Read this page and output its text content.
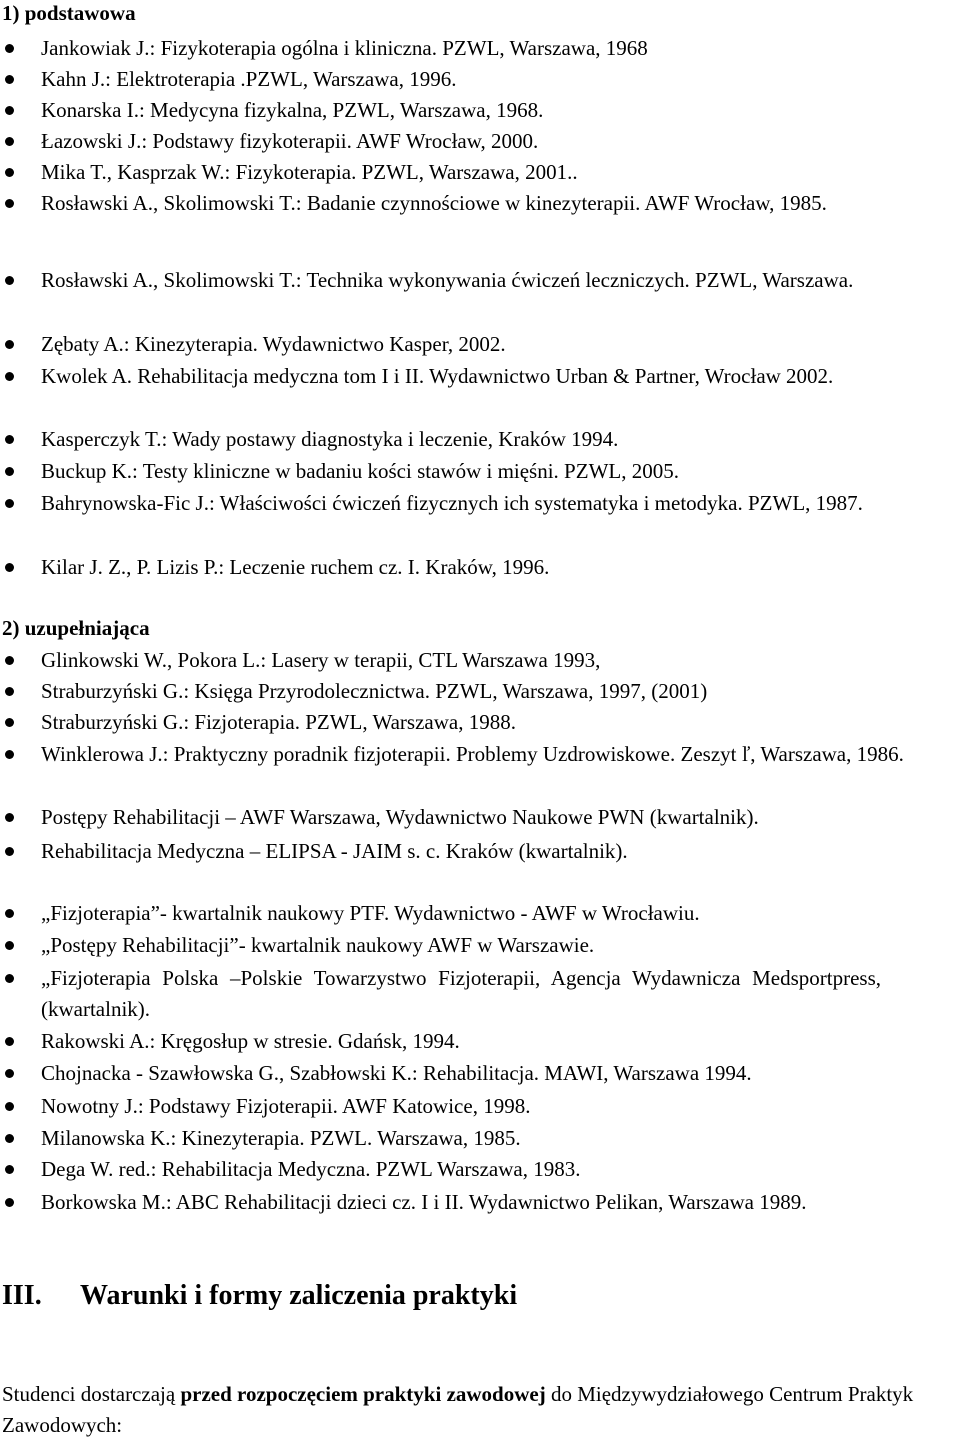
1) podstawowa
Jankowiak J.: Fizykoterapia ogólna i kliniczna. PZWL, Warszawa, 1968
Kahn J.: Elektroterapia .PZWL, Warszawa, 1996.
Konarska I.: Medycyna fizykalna, PZWL, Warszawa, 1968.
Łazowski J.: Podstawy fizykoterapii. AWF Wrocław, 2000.
Mika T., Kasprzak W.: Fizykoterapia. PZWL, Warszawa, 2001..
Rosławski A., Skolimowski T.: Badanie czynnościowe w kinezyterapii. AWF Wrocław, 1985.
Rosławski A., Skolimowski T.: Technika wykonywania ćwiczeń leczniczych. PZWL, Warszawa.
Zębaty A.: Kinezyterapia. Wydawnictwo Kasper, 2002.
Kwolek A. Rehabilitacja medyczna tom I i II. Wydawnictwo Urban & Partner, Wrocław 2002.
Kasperczyk T.: Wady postawy diagnostyka i leczenie, Kraków 1994.
Buckup K.: Testy kliniczne w badaniu kości stawów i mięśni. PZWL, 2005.
Bahrynowska-Fic J.: Właściwości ćwiczeń fizycznych ich systematyka i metodyka. PZWL, 1987.
Kilar J. Z., P. Lizis P.: Leczenie ruchem cz. I. Kraków, 1996.
2) uzupełniająca
Glinkowski W., Pokora L.: Lasery w terapii, CTL Warszawa 1993,
Straburzyński G.: Księga Przyrodolecznictwa. PZWL, Warszawa, 1997, (2001)
Straburzyński G.: Fizjoterapia. PZWL, Warszawa, 1988.
Winklerowa J.: Praktyczny poradnik fizjoterapii. Problemy Uzdrowiskowe. Zeszyt ľ, Warszawa, 1986.
Postępy Rehabilitacji – AWF Warszawa, Wydawnictwo Naukowe PWN (kwartalnik).
Rehabilitacja Medyczna – ELIPSA - JAIM s. c. Kraków (kwartalnik).
„Fizjoterapia”- kwartalnik naukowy PTF. Wydawnictwo - AWF w Wrocławiu.
„Postępy Rehabilitacji”- kwartalnik naukowy AWF w Warszawie.
„Fizjoterapia Polska –Polskie Towarzystwo Fizjoterapii, Agencja Wydawnicza Medsportpress, (kwartalnik).
Rakowski A.: Kręgosłup w stresie. Gdańsk, 1994.
Chojnacka - Szawłowska G., Szabłowski K.: Rehabilitacja. MAWI, Warszawa 1994.
Nowotny J.: Podstawy Fizjoterapii. AWF Katowice, 1998.
Milanowska K.: Kinezyterapia. PZWL. Warszawa, 1985.
Dega W. red.: Rehabilitacja Medyczna. PZWL Warszawa, 1983.
Borkowska M.: ABC Rehabilitacji dzieci cz. I i II. Wydawnictwo Pelikan, Warszawa 1989.
III. Warunki i formy zaliczenia praktyki
Studenci dostarczają przed rozpoczęciem praktyki zawodowej do Międzywydziałowego Centrum Praktyk Zawodowych:
